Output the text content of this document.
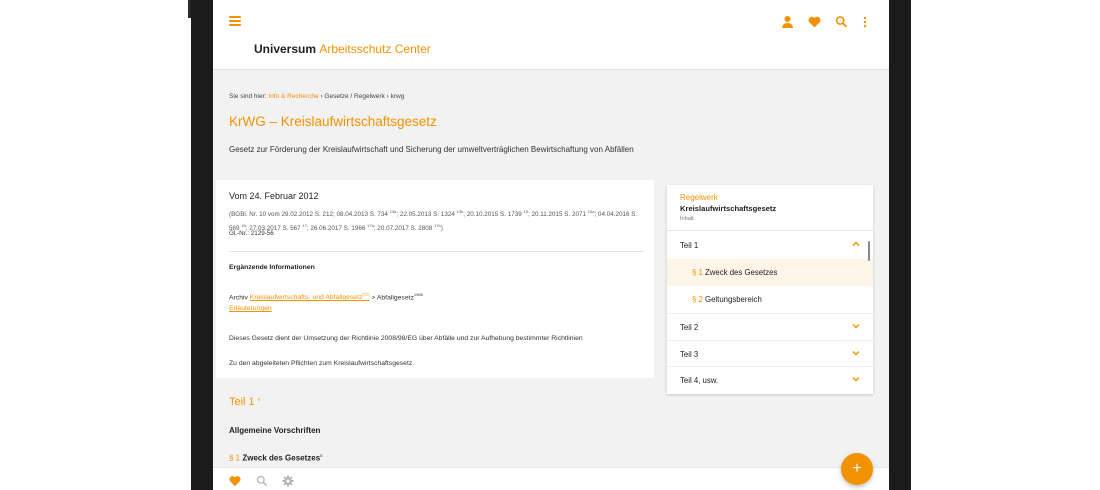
Universum Arbeitsschutz Center
Sie sind hier: Info & Recherche › Gesetze / Regelwerk › krwg
KrWG – Kreislaufwirtschaftsgesetz
Gesetz zur Förderung der Kreislaufwirtschaft und Sicherung der umweltverträglichen Bewirtschaftung von Abfällen
Vom 24. Februar 2012
(BGBl. Nr. 10 vom 29.02.2012 S. 212; 08.04.2013 S. 734 $^{13a}$; 22.05.2013 S. 1324 $^{13b}$; 20.10.2015 S. 1739 $^{15}$; 20.11.2015 S. 2071 $^{15a}$; 04.04.2016 S. 569 $^{16}$; 27.03.2017 S. 567 $^{17}$; 26.06.2017 S. 1966 $^{17a}$; 20.07.2017 S. 2808 $^{17b}$)
Gl.-Nr.: 2129-56
Ergänzende Informationen
Archiv Kreislaufwirtschafts- und Abfallgesetz$^{(12)}$ > Abfallgesetz$^{1986}$
Erläuterungen
Dieses Gesetz dient der Umsetzung der Richtlinie 2008/98/EG über Abfälle und zur Aufhebung bestimmter Richtlinien
Zu den abgeleiteten Pflichten zum Kreislaufwirtschaftsgesetz
Teil 1 $^E$
Allgemeine Vorschriften
§ 1 Zweck des Gesetzes$^E$
Regelwerk
Kreislaufwirtschaftsgesetz
Inhalt
Teil 1
§ 1 Zweck des Gesetzes
§ 2 Geltungsbereich
Teil 2
Teil 3
Teil 4, usw.
+
